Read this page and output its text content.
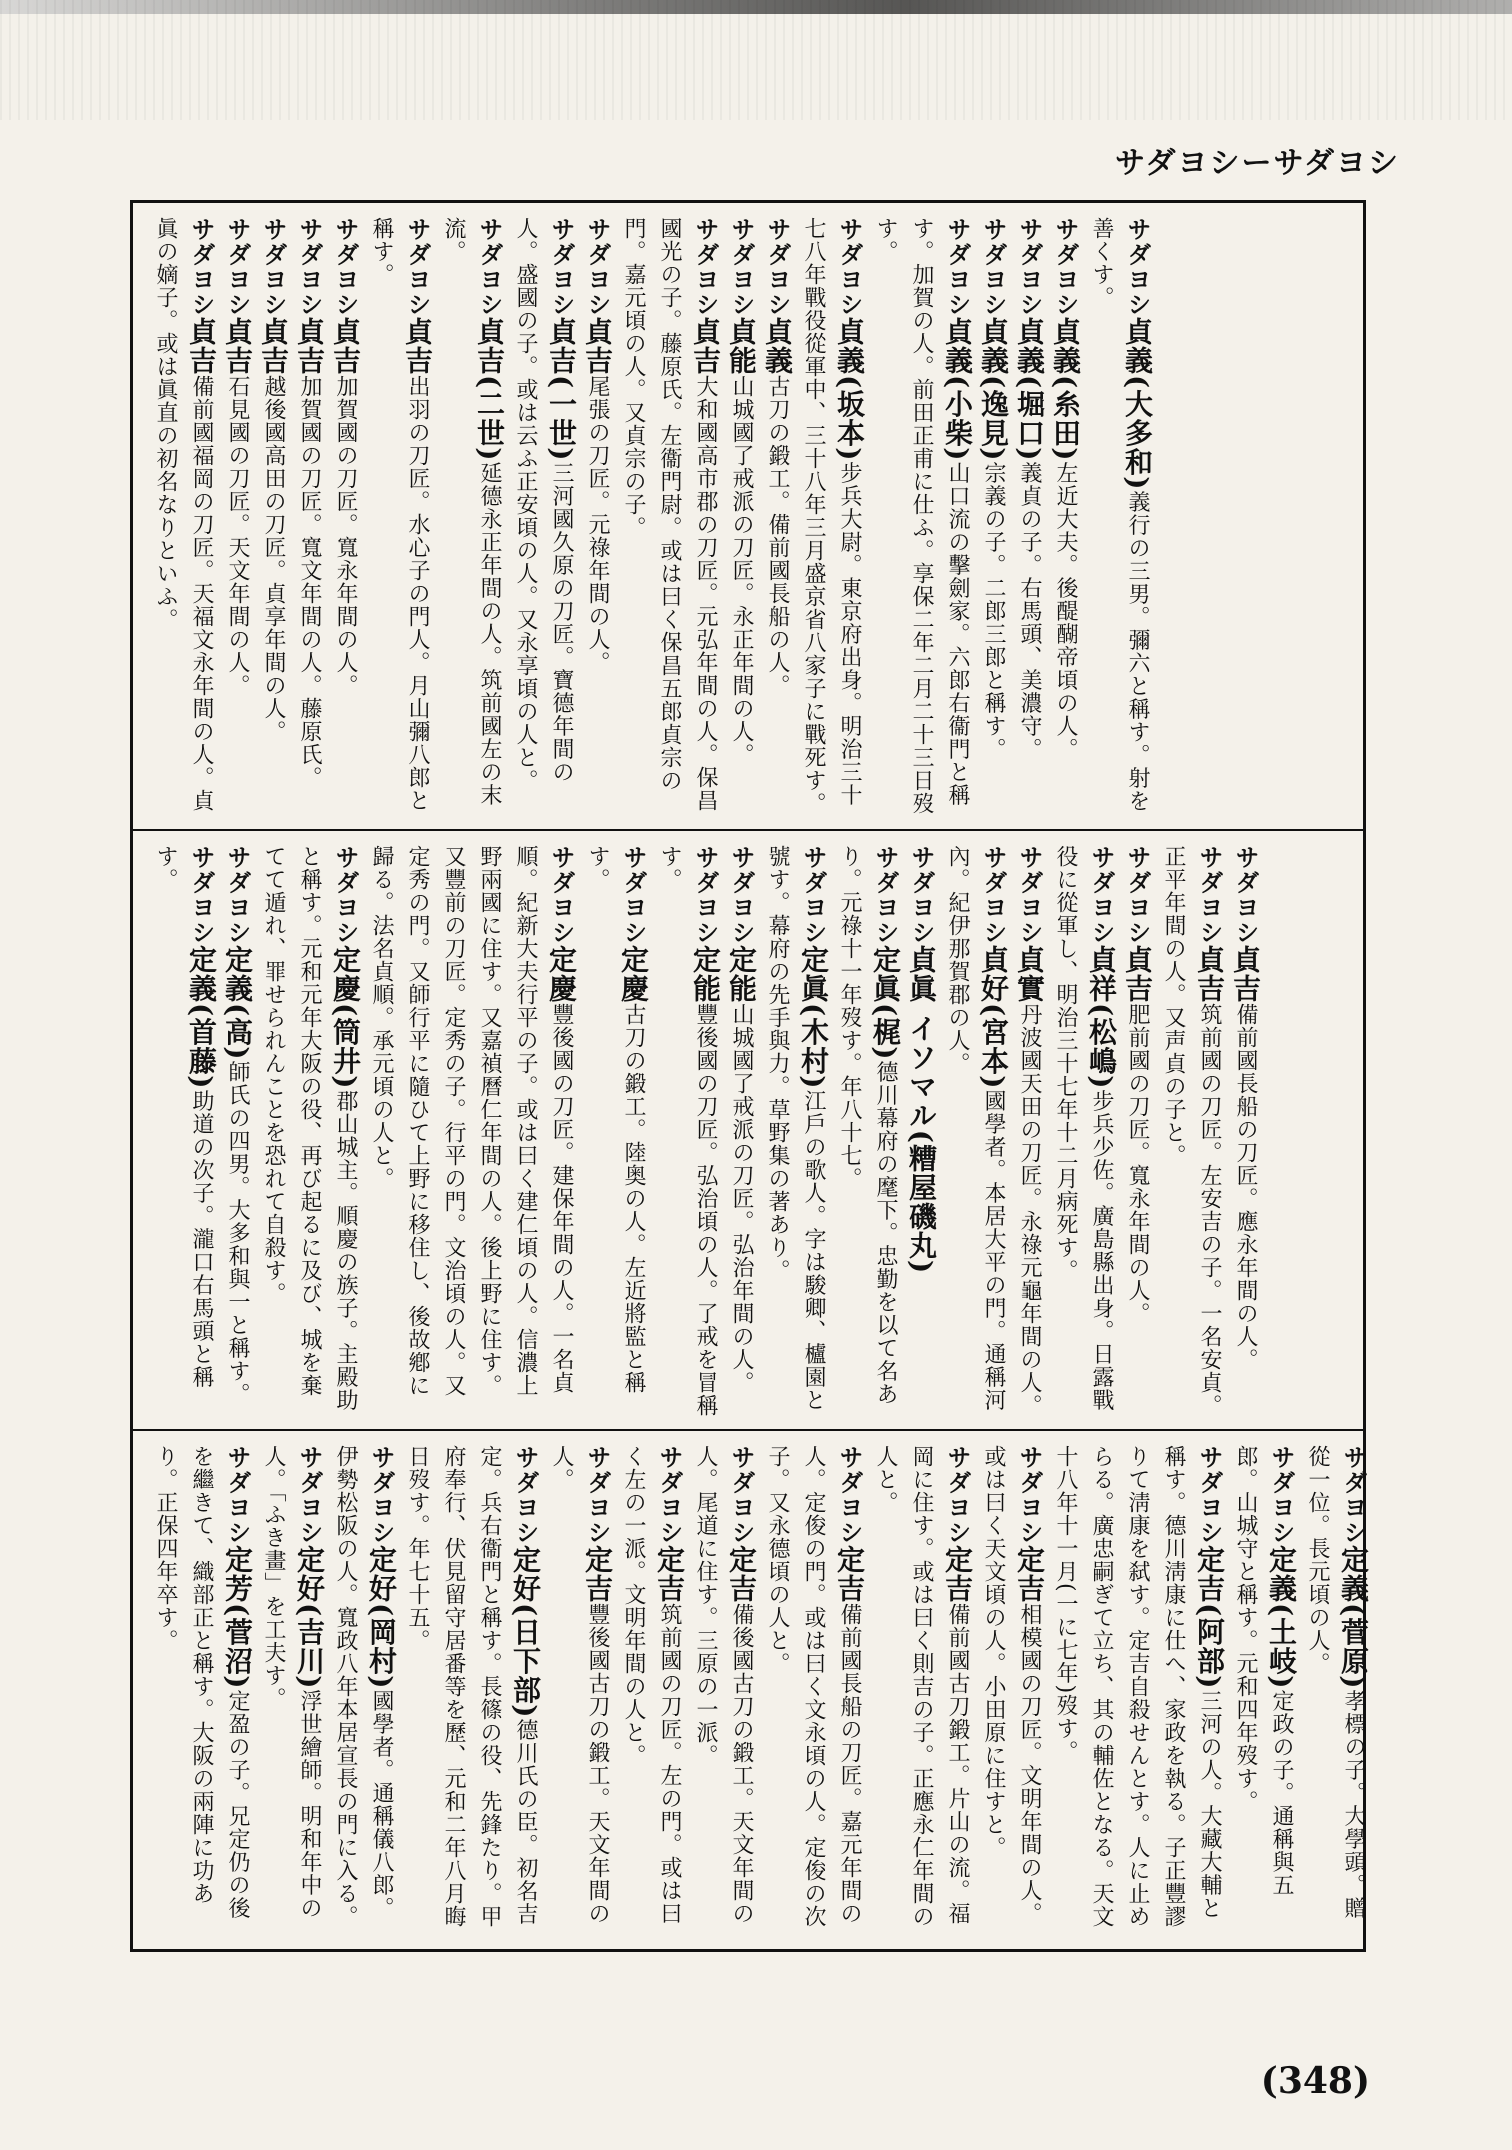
サダヨシーサダヨシ

サダヨシ貞義(大多和)義行の三男。彌六と稱す。射を善くす。

サダヨシ貞義(糸田)左近大夫。後醍醐帝頃の人。

サダヨシ貞義(堀口)義貞の子。右馬頭、美濃守。

サダヨシ貞義(逸見)宗義の子。二郎三郎と稱す。

サダヨシ貞義(小柴)山口流の擊劍家。六郎右衞門と稱す。加賀の人。前田正甫に仕ふ。享保二年二月二十三日歿す。

サダヨシ貞義(坂本)步兵大尉。東京府出身。明治三十七八年戰役從軍中、三十八年三月盛京省八家子に戰死す。

サダヨシ貞義古刀の鍛工。備前國長船の人。

サダヨシ貞能山城國了戒派の刀匠。永正年間の人。

サダヨシ貞吉大和國高市郡の刀匠。元弘年間の人。保昌國光の子。藤原氏。左衞門尉。或は曰く保昌五郎貞宗の門。嘉元頃の人。又貞宗の子。

サダヨシ貞吉尾張の刀匠。元祿年間の人。

サダヨシ貞吉(一世)三河國久原の刀匠。寶德年間の人。盛國の子。或は云ふ正安頃の人。又永享頃の人と。

サダヨシ貞吉(二世)延德永正年間の人。筑前國左の末流。

サダヨシ貞吉出羽の刀匠。水心子の門人。月山彌八郎と稱す。

サダヨシ貞吉加賀國の刀匠。寬永年間の人。

サダヨシ貞吉加賀國の刀匠。寬文年間の人。藤原氏。

サダヨシ貞吉越後國高田の刀匠。貞享年間の人。

サダヨシ貞吉石見國の刀匠。天文年間の人。

サダヨシ貞吉備前國福岡の刀匠。天福文永年間の人。貞眞の嫡子。或は眞直の初名なりといふ。

サダヨシ貞吉備前國長船の刀匠。應永年間の人。

サダヨシ貞吉筑前國の刀匠。左安吉の子。一名安貞。正平年間の人。又声貞の子と。

サダヨシ貞吉肥前國の刀匠。寬永年間の人。

サダヨシ貞祥(松嶋)步兵少佐。廣島縣出身。日露戰役に從軍し、明治三十七年十二月病死す。

サダヨシ貞實丹波國天田の刀匠。永祿元龜年間の人。

サダヨシ貞好(宮本)國學者。本居大平の門。通稱河內。紀伊那賀郡の人。

サダヨシ貞眞 イソマル(糟屋磯丸)

サダヨシ定眞(梶)德川幕府の麾下。忠勤を以て名あり。元祿十一年歿す。年八十七。

サダヨシ定眞(木村)江戶の歌人。字は駿卿、櫨園と號す。幕府の先手與力。草野集の著あり。

サダヨシ定能山城國了戒派の刀匠。弘治年間の人。

サダヨシ定能豐後國の刀匠。弘治頃の人。了戒を冒稱す。

サダヨシ定慶古刀の鍛工。陸奥の人。左近將監と稱す。

サダヨシ定慶豐後國の刀匠。建保年間の人。一名貞順。紀新大夫行平の子。或は曰く建仁頃の人。信濃上野兩國に住す。又嘉禎曆仁年間の人。後上野に住す。又豐前の刀匠。定秀の子。行平の門。文治頃の人。又定秀の門。又師行平に隨ひて上野に移住し、後故鄕に歸る。法名貞順。承元頃の人と。

サダヨシ定慶(筒井)郡山城主。順慶の族子。主殿助と稱す。元和元年大阪の役、再び起るに及び、城を棄てて遁れ、罪せられんことを恐れて自殺す。

サダヨシ定義(高)師氏の四男。大多和與一と稱す。

サダヨシ定義(首藤)助道の次子。瀧口右馬頭と稱す。

サダヨシ定義(菅原)孝標の子。大學頭。贈從一位。長元頃の人。

サダヨシ定義(土岐)定政の子。通稱與五郎。山城守と稱す。元和四年歿す。

サダヨシ定吉(阿部)三河の人。大藏大輔と稱す。德川淸康に仕へ、家政を執る。子正豐謬りて淸康を弑す。定吉自殺せんとす。人に止めらる。廣忠嗣ぎて立ち、其の輔佐となる。天文十八年十一月(一に七年)歿す。

サダヨシ定吉相模國の刀匠。文明年間の人。或は曰く天文頃の人。小田原に住すと。

サダヨシ定吉備前國古刀鍛工。片山の流。福岡に住す。或は曰く則吉の子。正應永仁年間の人と。

サダヨシ定吉備前國長船の刀匠。嘉元年間の人。定俊の門。或は曰く文永頃の人。定俊の次子。又永德頃の人と。

サダヨシ定吉備後國古刀の鍛工。天文年間の人。尾道に住す。三原の一派。

サダヨシ定吉筑前國の刀匠。左の門。或は曰く左の一派。文明年間の人と。

サダヨシ定吉豐後國古刀の鍛工。天文年間の人。

サダヨシ定好(日下部)德川氏の臣。初名吉定。兵右衞門と稱す。長篠の役、先鋒たり。甲府奉行、伏見留守居番等を歷、元和二年八月晦日歿す。年七十五。

サダヨシ定好(岡村)國學者。通稱儀八郎。伊勢松阪の人。寬政八年本居宣長の門に入る。

サダヨシ定好(吉川)浮世繪師。明和年中の人。「ふき畫」を工夫す。

サダヨシ定芳(菅沼)定盈の子。兄定仍の後を繼きて、織部正と稱す。大阪の兩陣に功あり。正保四年卒す。

(348)
